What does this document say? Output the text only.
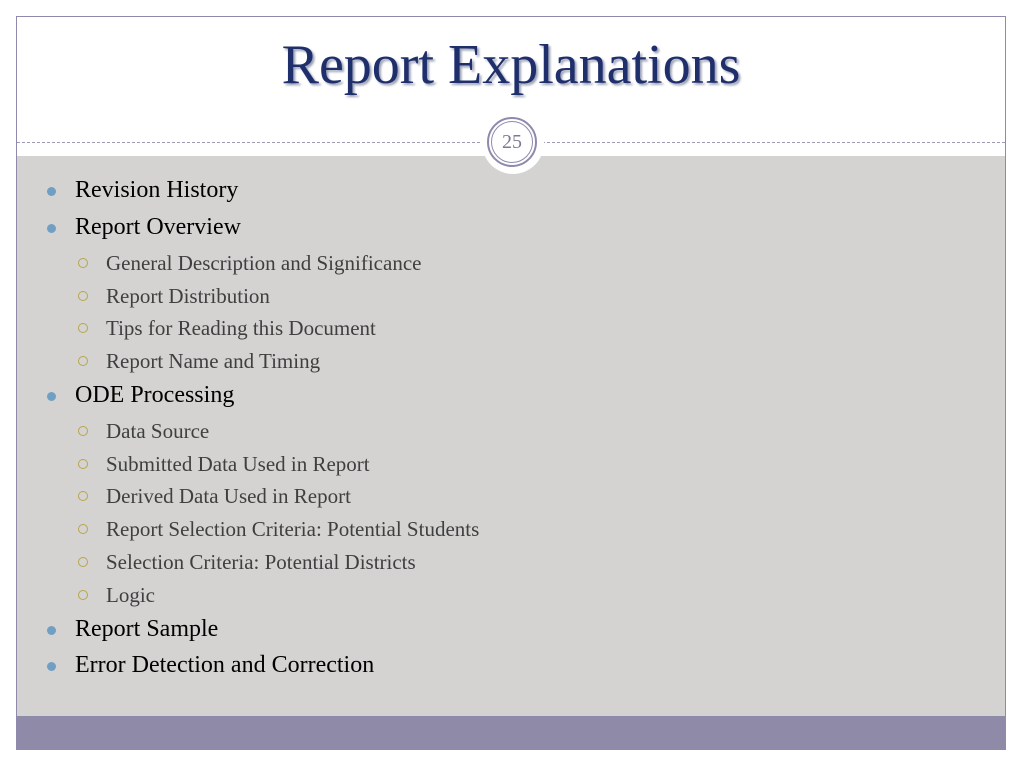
Report Explanations
25
Revision History
Report Overview
General Description and Significance
Report Distribution
Tips for Reading this Document
Report Name and Timing
ODE Processing
Data Source
Submitted Data Used in Report
Derived Data Used in Report
Report Selection Criteria: Potential Students
Selection Criteria: Potential Districts
Logic
Report Sample
Error Detection and Correction
